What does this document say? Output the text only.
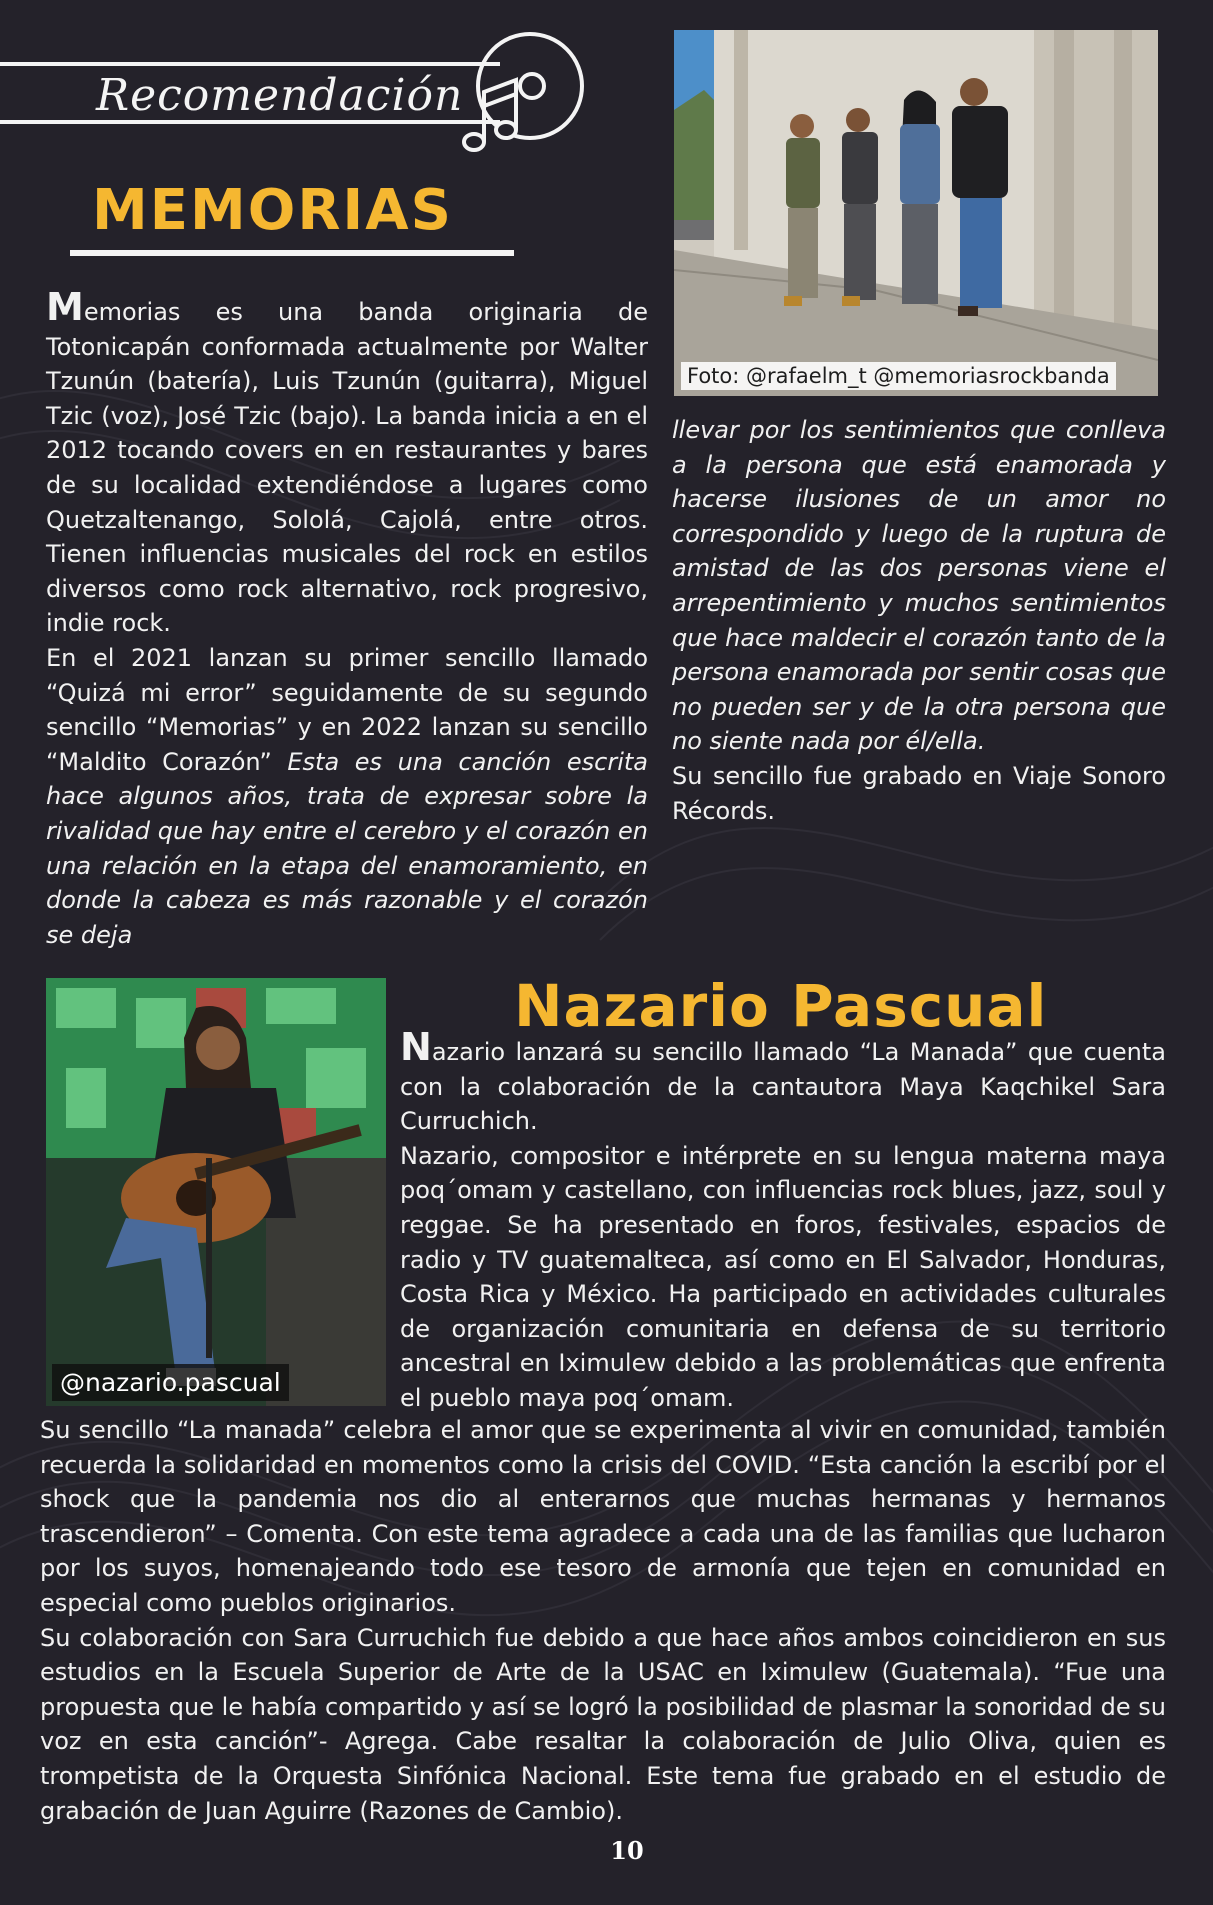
Recomendación
MEMORIAS
Foto: @rafaelm_t @memoriasrockbanda

Memorias es una banda originaria de Totonicapán conformada actualmente por Walter Tzunún (batería), Luis Tzunún (guitarra), Miguel Tzic (voz), José Tzic (bajo). La banda inicia a en el 2012 tocando covers en en restaurantes y bares de su localidad extendiéndose a lugares como Quetzaltenango, Sololá, Cajolá, entre otros. Tienen influencias musicales del rock en estilos diversos como rock alternativo, rock progresivo, indie rock.

En el 2021 lanzan su primer sencillo llamado “Quizá mi error” seguidamente de su segundo sencillo “Memorias” y en 2022 lanzan su sencillo “Maldito Corazón” Esta es una canción escrita hace algunos años, trata de expresar sobre la rivalidad que hay entre el cerebro y el corazón en una relación en la etapa del enamoramiento, en donde la cabeza es más razonable y el corazón se deja

llevar por los sentimientos que conlleva a la persona que está enamorada y hacerse ilusiones de un amor no correspondido y luego de la ruptura de amistad de las dos personas viene el arrepentimiento y muchos sentimientos que hace maldecir el corazón tanto de la persona enamorada por sentir cosas que no pueden ser y de la otra persona que no siente nada por él/ella.

Su sencillo fue grabado en Viaje Sonoro Récords.

@nazario.pascual
Nazario Pascual

Nazario lanzará su sencillo llamado “La Manada” que cuenta con la colaboración de la cantautora Maya Kaqchikel Sara Curruchich.

Nazario, compositor e intérprete en su lengua materna maya poq´omam y castellano, con influencias rock blues, jazz, soul y reggae. Se ha presentado en foros, festivales, espacios de radio y TV guatemalteca, así como en El Salvador, Honduras, Costa Rica y México. Ha participado en actividades culturales de organización comunitaria en defensa de su territorio ancestral en Iximulew debido a las problemáticas que enfrenta el pueblo maya poq´omam.

Su sencillo “La manada” celebra el amor que se experimenta al vivir en comunidad, también recuerda la solidaridad en momentos como la crisis del COVID. “Esta canción la escribí por el shock que la pandemia nos dio al enterarnos que muchas hermanas y hermanos trascendieron” – Comenta. Con este tema agradece a cada una de las familias que lucharon por los suyos, homenajeando todo ese tesoro de armonía que tejen en comunidad en especial como pueblos originarios.

Su colaboración con Sara Curruchich fue debido a que hace años ambos coincidieron en sus estudios en la Escuela Superior de Arte de la USAC en Iximulew (Guatemala). “Fue una propuesta que le había compartido y así se logró la posibilidad de plasmar la sonoridad de su voz en esta canción”- Agrega. Cabe resaltar la colaboración de Julio Oliva, quien es trompetista de la Orquesta Sinfónica Nacional. Este tema fue grabado en el estudio de grabación de Juan Aguirre (Razones de Cambio).

10
